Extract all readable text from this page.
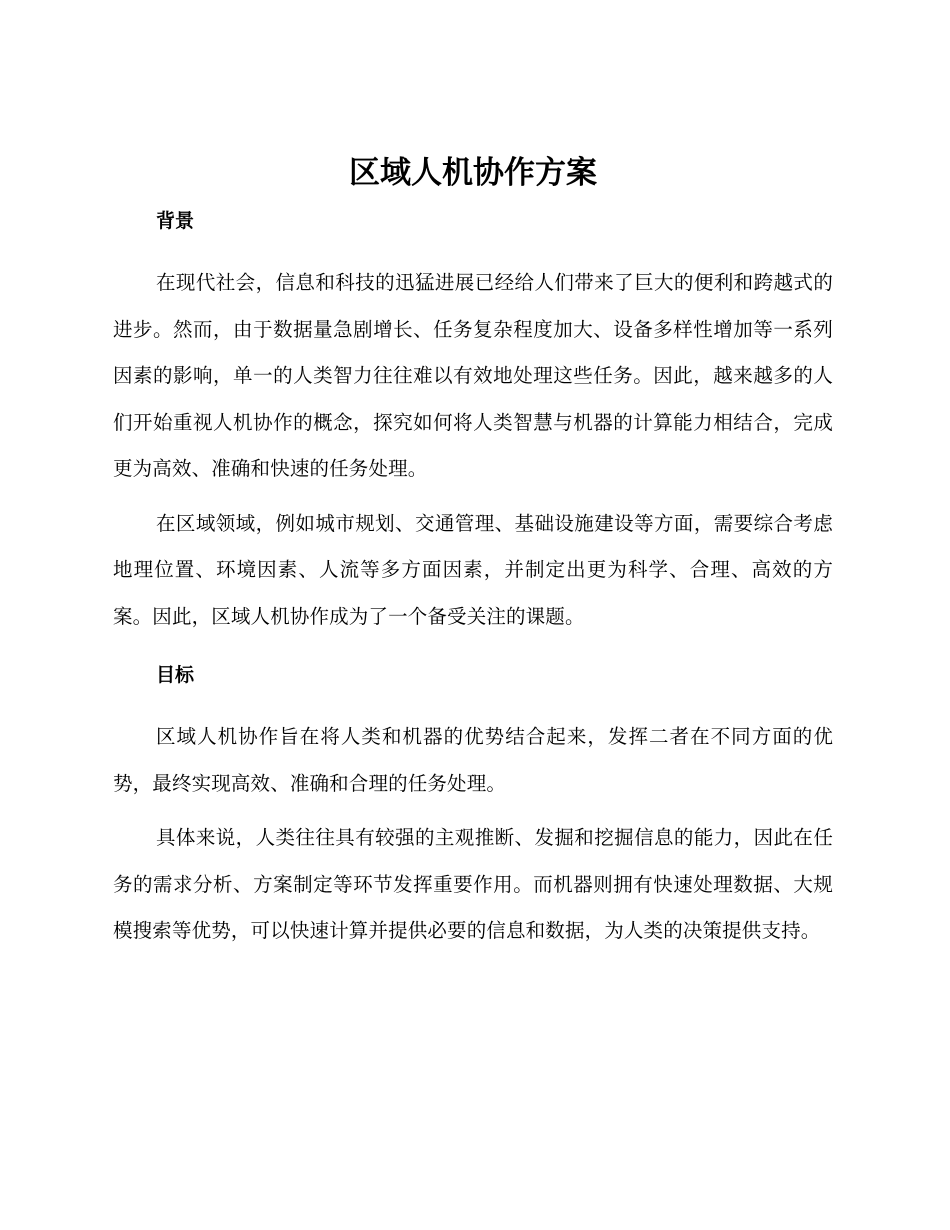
区域人机协作方案
背景

在现代社会，信息和科技的迅猛进展已经给人们带来了巨大的便利和跨越式的进步。然而，由于数据量急剧增长、任务复杂程度加大、设备多样性增加等一系列因素的影响，单一的人类智力往往难以有效地处理这些任务。因此，越来越多的人们开始重视人机协作的概念，探究如何将人类智慧与机器的计算能力相结合，完成更为高效、准确和快速的任务处理。

在区域领域，例如城市规划、交通管理、基础设施建设等方面，需要综合考虑地理位置、环境因素、人流等多方面因素，并制定出更为科学、合理、高效的方案。因此，区域人机协作成为了一个备受关注的课题。

目标

区域人机协作旨在将人类和机器的优势结合起来，发挥二者在不同方面的优势，最终实现高效、准确和合理的任务处理。

具体来说，人类往往具有较强的主观推断、发掘和挖掘信息的能力，因此在任务的需求分析、方案制定等环节发挥重要作用。而机器则拥有快速处理数据、大规模搜索等优势，可以快速计算并提供必要的信息和数据，为人类的决策提供支持。
